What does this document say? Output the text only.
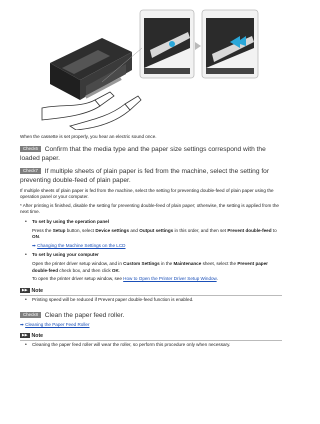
When the cassette is set properly, you hear an electric sound once.

Check6 Confirm that the media type and the paper size settings correspond with the loaded paper.

Check7 If multiple sheets of plain paper is fed from the machine, select the setting for preventing double-feed of plain paper.

If multiple sheets of plain paper is fed from the machine, select the setting for preventing double-feed of plain paper using the operation panel or your computer.

* After printing is finished, disable the setting for preventing double-feed of plain paper; otherwise, the setting is applied from the next time.

• To set by using the operation panel

Press the Setup button, select Device settings and Output settings in this order, and then set Prevent double-feed to ON.

➡ Changing the Machine Settings on the LCD

• To set by using your computer

Open the printer driver setup window, and in Custom Settings in the Maintenance sheet, select the Prevent paper double-feed check box, and then click OK.

To open the printer driver setup window, see How to Open the Printer Driver Setup Window.

▶▶ Note

• Printing speed will be reduced if Prevent paper double-feed function is enabled.

Check8 Clean the paper feed roller.

➡ Cleaning the Paper Feed Roller

▶▶ Note

• Cleaning the paper feed roller will wear the roller, so perform this procedure only when necessary.
